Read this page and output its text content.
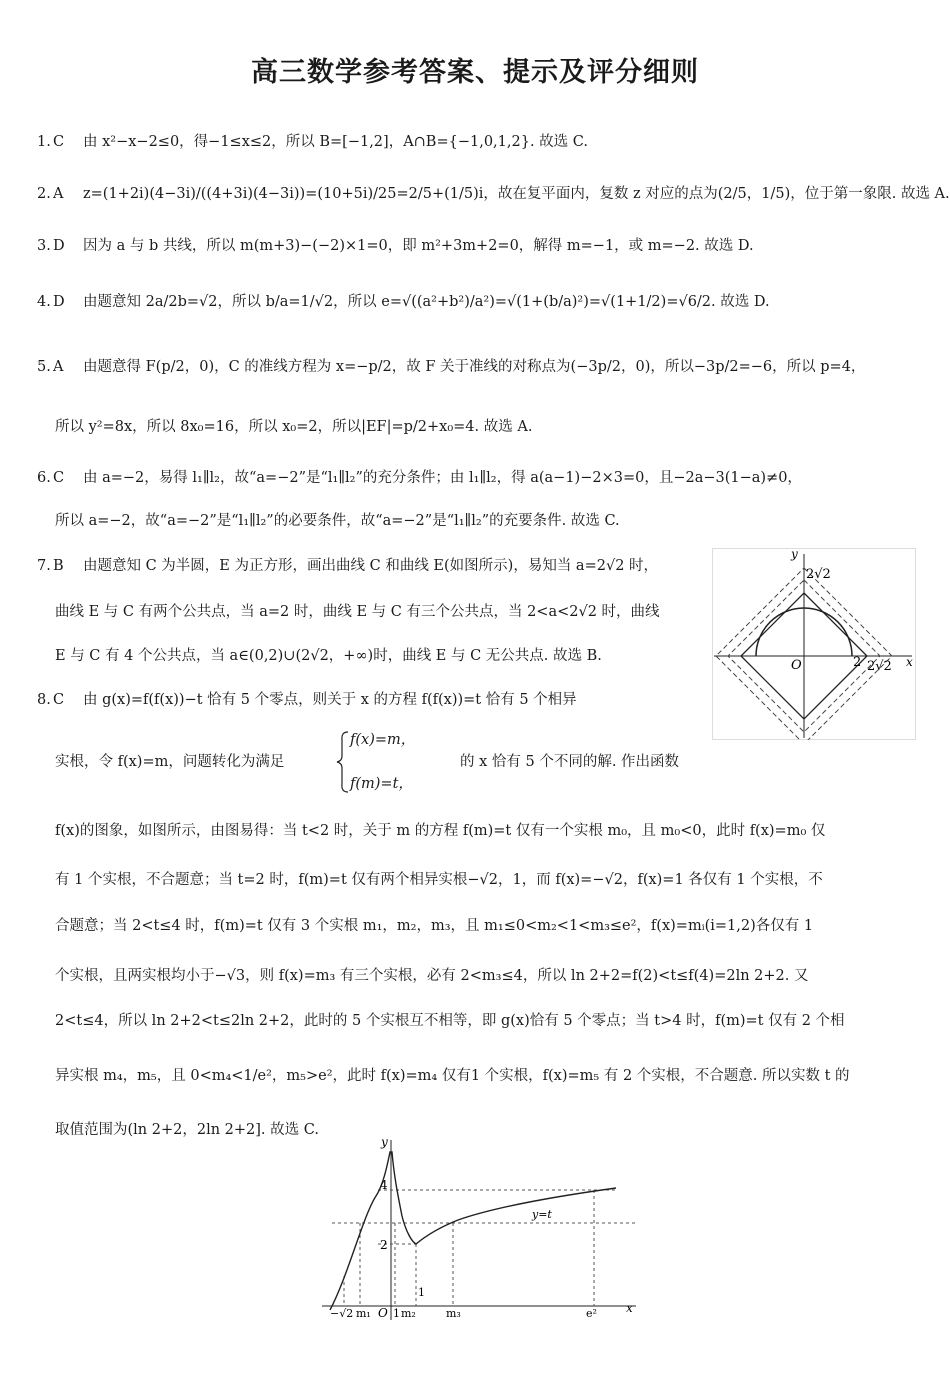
高三数学参考答案、提示及评分细则
1. C 由 x²−x−2≤0，得−1≤x≤2，所以 B=[−1,2]，A∩B={−1,0,1,2}. 故选 C.
2. A z=(1+2i)(4−3i)/((4+3i)(4−3i))=(10+5i)/25=2/5+(1/5)i，故在复平面内，复数 z 对应的点为(2/5，1/5)，位于第一象限. 故选 A.
3. D 因为 a 与 b 共线，所以 m(m+3)−(−2)×1=0，即 m²+3m+2=0，解得 m=−1，或 m=−2. 故选 D.
4. D 由题意知 2a/2b=√2，所以 b/a=1/√2，所以 e=√((a²+b²)/a²)=√(1+(b/a)²)=√(1+1/2)=√6/2. 故选 D.
5. A 由题意得 F(p/2，0)，C 的准线方程为 x=−p/2，故 F 关于准线的对称点为(−3p/2，0)，所以−3p/2=−6，所以 p=4，
所以 y²=8x，所以 8x₀=16，所以 x₀=2，所以|EF|=p/2+x₀=4. 故选 A.
6. C 由 a=−2，易得 l₁∥l₂，故“a=−2”是“l₁∥l₂”的充分条件；由 l₁∥l₂，得 a(a−1)−2×3=0，且−2a−3(1−a)≠0，
所以 a=−2，故“a=−2”是“l₁∥l₂”的必要条件，故“a=−2”是“l₁∥l₂”的充要条件. 故选 C.
7. B 由题意知 C 为半圆，E 为正方形，画出曲线 C 和曲线 E(如图所示)，易知当 a=2√2 时，
曲线 E 与 C 有两个公共点，当 a=2 时，曲线 E 与 C 有三个公共点，当 2<a<2√2 时，曲线
E 与 C 有 4 个公共点，当 a∈(0,2)∪(2√2，+∞)时，曲线 E 与 C 无公共点. 故选 B.
y
x
2√2
2 2√2
O
8. C 由 g(x)=f(f(x))−t 恰有 5 个零点，则关于 x 的方程 f(f(x))=t 恰有 5 个相异
实根，令 f(x)=m，问题转化为满足
f(x)=m，
f(m)=t，
的 x 恰有 5 个不同的解. 作出函数
f(x)的图象，如图所示，由图易得：当 t<2 时，关于 m 的方程 f(m)=t 仅有一个实根 m₀，且 m₀<0，此时 f(x)=m₀ 仅
有 1 个实根，不合题意；当 t=2 时，f(m)=t 仅有两个相异实根−√2，1，而 f(x)=−√2，f(x)=1 各仅有 1 个实根，不
合题意；当 2<t≤4 时，f(m)=t 仅有 3 个实根 m₁，m₂，m₃，且 m₁≤0<m₂<1<m₃≤e²，f(x)=mᵢ(i=1,2)各仅有 1
个实根，且两实根均小于−√3，则 f(x)=m₃ 有三个实根，必有 2<m₃≤4，所以 ln 2+2=f(2)<t≤f(4)=2ln 2+2. 又
2<t≤4，所以 ln 2+2<t≤2ln 2+2，此时的 5 个实根互不相等，即 g(x)恰有 5 个零点；当 t>4 时，f(m)=t 仅有 2 个相
异实根 m₄，m₅，且 0<m₄<1/e²，m₅>e²，此时 f(x)=m₄ 仅有1 个实根，f(x)=m₅ 有 2 个实根，不合题意. 所以实数 t 的
取值范围为(ln 2+2，2ln 2+2]. 故选 C.
y
x
4
2
y=t
1
O
−√2 m₁ 1 m₂	m₃	e²
